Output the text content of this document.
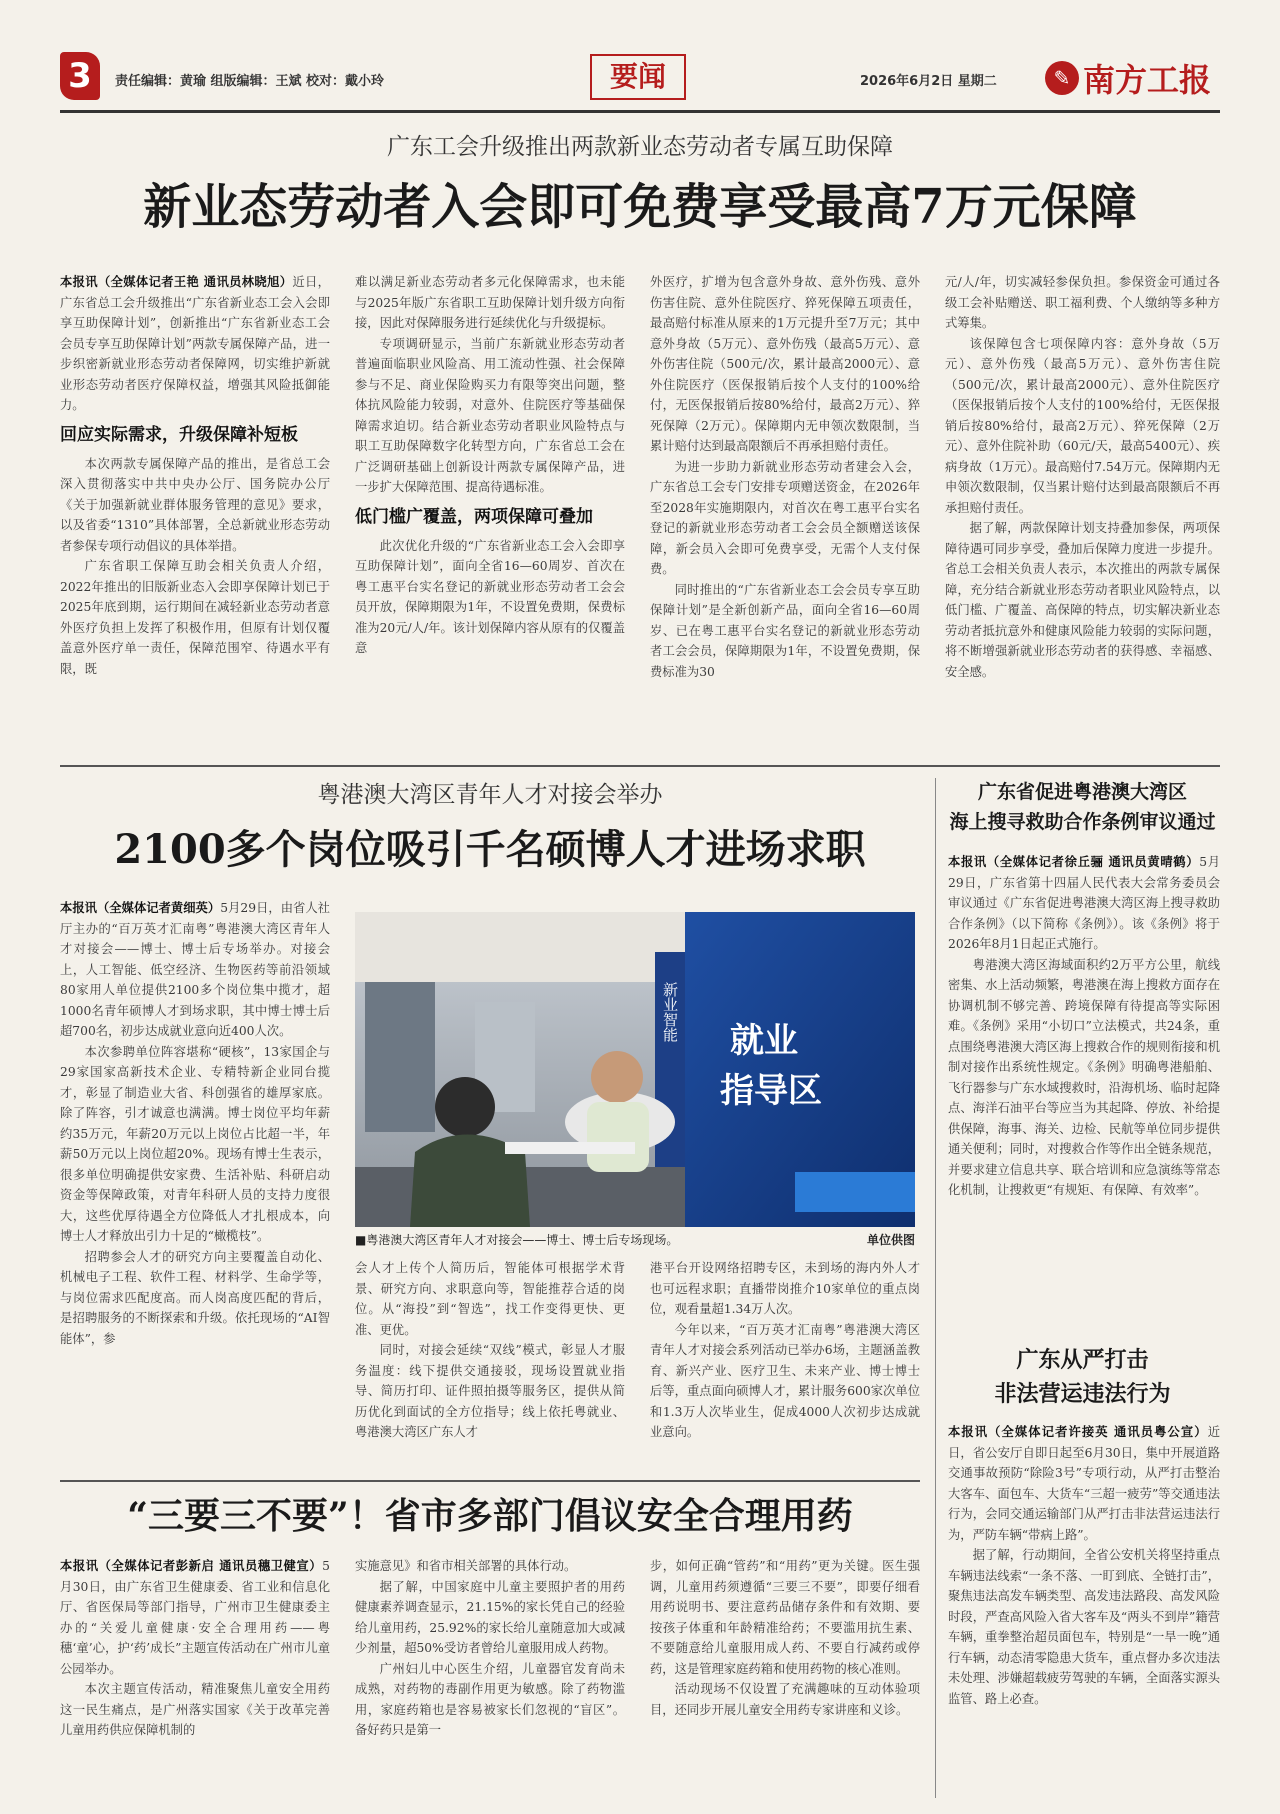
3	责任编辑：黄瑜 组版编辑：王斌 校对：戴小玲	要闻	2026年6月2日 星期二	✎ 南方工报
广东工会升级推出两款新业态劳动者专属互助保障
新业态劳动者入会即可免费享受最高7万元保障

本报讯（全媒体记者王艳 通讯员林晓旭）近日，广东省总工会升级推出“广东省新业态工会入会即享互助保障计划”，创新推出“广东省新业态工会会员专享互助保障计划”两款专属保障产品，进一步织密新就业形态劳动者保障网，切实维护新就业形态劳动者医疗保障权益，增强其风险抵御能力。

回应实际需求，升级保障补短板

本次两款专属保障产品的推出，是省总工会深入贯彻落实中共中央办公厅、国务院办公厅《关于加强新就业群体服务管理的意见》要求，以及省委“1310”具体部署，全总新就业形态劳动者参保专项行动倡议的具体举措。

广东省职工保障互助会相关负责人介绍，2022年推出的旧版新业态入会即享保障计划已于2025年底到期，运行期间在减轻新业态劳动者意外医疗负担上发挥了积极作用，但原有计划仅覆盖意外医疗单一责任，保障范围窄、待遇水平有限，既

难以满足新业态劳动者多元化保障需求，也未能与2025年版广东省职工互助保障计划升级方向衔接，因此对保障服务进行延续优化与升级提标。

专项调研显示，当前广东新就业形态劳动者普遍面临职业风险高、用工流动性强、社会保障参与不足、商业保险购买力有限等突出问题，整体抗风险能力较弱，对意外、住院医疗等基础保障需求迫切。结合新业态劳动者职业风险特点与职工互助保障数字化转型方向，广东省总工会在广泛调研基础上创新设计两款专属保障产品，进一步扩大保障范围、提高待遇标准。

低门槛广覆盖，两项保障可叠加

此次优化升级的“广东省新业态工会入会即享互助保障计划”，面向全省16—60周岁、首次在粤工惠平台实名登记的新就业形态劳动者工会会员开放，保障期限为1年，不设置免费期，保费标准为20元/人/年。该计划保障内容从原有的仅覆盖意

外医疗，扩增为包含意外身故、意外伤残、意外伤害住院、意外住院医疗、猝死保障五项责任，最高赔付标准从原来的1万元提升至7万元；其中意外身故（5万元）、意外伤残（最高5万元）、意外伤害住院（500元/次，累计最高2000元）、意外住院医疗（医保报销后按个人支付的100%给付，无医保报销后按80%给付，最高2万元）、猝死保障（2万元）。保障期内无申领次数限制，当累计赔付达到最高限额后不再承担赔付责任。

为进一步助力新就业形态劳动者建会入会，广东省总工会专门安排专项赠送资金，在2026年至2028年实施期限内，对首次在粤工惠平台实名登记的新就业形态劳动者工会会员全额赠送该保障，新会员入会即可免费享受，无需个人支付保费。

同时推出的“广东省新业态工会会员专享互助保障计划”是全新创新产品，面向全省16—60周岁、已在粤工惠平台实名登记的新就业形态劳动者工会会员，保障期限为1年，不设置免费期，保费标准为30

元/人/年，切实减轻参保负担。参保资金可通过各级工会补贴赠送、职工福利费、个人缴纳等多种方式筹集。

该保障包含七项保障内容：意外身故（5万元）、意外伤残（最高5万元）、意外伤害住院（500元/次，累计最高2000元）、意外住院医疗（医保报销后按个人支付的100%给付，无医保报销后按80%给付，最高2万元）、猝死保障（2万元）、意外住院补助（60元/天，最高5400元）、疾病身故（1万元）。最高赔付7.54万元。保障期内无申领次数限制，仅当累计赔付达到最高限额后不再承担赔付责任。

据了解，两款保障计划支持叠加参保，两项保障待遇可同步享受，叠加后保障力度进一步提升。省总工会相关负责人表示，本次推出的两款专属保障，充分结合新就业形态劳动者职业风险特点，以低门槛、广覆盖、高保障的特点，切实解决新业态劳动者抵抗意外和健康风险能力较弱的实际问题，将不断增强新就业形态劳动者的获得感、幸福感、安全感。

粤港澳大湾区青年人才对接会举办
2100多个岗位吸引千名硕博人才进场求职

本报讯（全媒体记者黄细英）5月29日，由省人社厅主办的“百万英才汇南粤”粤港澳大湾区青年人才对接会——博士、博士后专场举办。对接会上，人工智能、低空经济、生物医药等前沿领域80家用人单位提供2100多个岗位集中揽才，超1000名青年硕博人才到场求职，其中博士博士后超700名，初步达成就业意向近400人次。

本次参聘单位阵容堪称“硬核”，13家国企与29家国家高新技术企业、专精特新企业同台揽才，彰显了制造业大省、科创强省的雄厚家底。除了阵容，引才诚意也满满。博士岗位平均年薪约35万元，年薪20万元以上岗位占比超一半，年薪50万元以上岗位超20%。现场有博士生表示，很多单位明确提供安家费、生活补贴、科研启动资金等保障政策，对青年科研人员的支持力度很大，这些优厚待遇全方位降低人才扎根成本，向博士人才释放出引力十足的“橄榄枝”。

招聘参会人才的研究方向主要覆盖自动化、机械电子工程、软件工程、材料学、生命学等，与岗位需求匹配度高。而人岗高度匹配的背后，是招聘服务的不断探索和升级。依托现场的“AI智能体”，参

新业智能 就业
指导区
■粤港澳大湾区青年人才对接会——博士、博士后专场现场。	单位供图

会人才上传个人简历后，智能体可根据学术背景、研究方向、求职意向等，智能推荐合适的岗位。从“海投”到“智选”，找工作变得更快、更准、更优。

同时，对接会延续“双线”模式，彰显人才服务温度：线下提供交通接驳，现场设置就业指导、简历打印、证件照拍摄等服务区，提供从简历优化到面试的全方位指导；线上依托粤就业、粤港澳大湾区广东人才

港平台开设网络招聘专区，未到场的海内外人才也可远程求职；直播带岗推介10家单位的重点岗位，观看量超1.34万人次。

今年以来，“百万英才汇南粤”粤港澳大湾区青年人才对接会系列活动已举办6场，主题涵盖教育、新兴产业、医疗卫生、未来产业、博士博士后等，重点面向硕博人才，累计服务600家次单位和1.3万人次毕业生，促成4000人次初步达成就业意向。

广东省促进粤港澳大湾区
海上搜寻救助合作条例审议通过

本报讯（全媒体记者徐丘骊 通讯员黄晴鹤）5月29日，广东省第十四届人民代表大会常务委员会审议通过《广东省促进粤港澳大湾区海上搜寻救助合作条例》（以下简称《条例》）。该《条例》将于2026年8月1日起正式施行。

粤港澳大湾区海域面积约2万平方公里，航线密集、水上活动频繁，粤港澳在海上搜救方面存在协调机制不够完善、跨境保障有待提高等实际困难。《条例》采用“小切口”立法模式，共24条，重点围绕粤港澳大湾区海上搜救合作的规则衔接和机制对接作出系统性规定。《条例》明确粤港船舶、飞行器参与广东水域搜救时，沿海机场、临时起降点、海洋石油平台等应当为其起降、停放、补给提供保障，海事、海关、边检、民航等单位同步提供通关便利；同时，对搜救合作等作出全链条规范，并要求建立信息共享、联合培训和应急演练等常态化机制，让搜救更“有规矩、有保障、有效率”。

广东从严打击
非法营运违法行为

本报讯（全媒体记者许接英 通讯员粤公宣）近日，省公安厅自即日起至6月30日，集中开展道路交通事故预防“除险3号”专项行动，从严打击整治大客车、面包车、大货车“三超一疲劳”等交通违法行为，会同交通运输部门从严打击非法营运违法行为，严防车辆“带病上路”。

据了解，行动期间，全省公安机关将坚持重点车辆违法线索“一条不落、一盯到底、全链打击”，聚焦违法高发车辆类型、高发违法路段、高发风险时段，严查高风险入省大客车及“两头不到岸”籍营车辆，重拳整治超员面包车，特别是“一旱一晚”通行车辆，动态清零隐患大货车，重点督办多次违法未处理、涉嫌超载疲劳驾驶的车辆，全面落实源头监管、路上必查。

“三要三不要”！省市多部门倡议安全合理用药

本报讯（全媒体记者彭新启 通讯员穗卫健宣）5月30日，由广东省卫生健康委、省工业和信息化厅、省医保局等部门指导，广州市卫生健康委主办的“关爱儿童健康·安全合理用药——粤穗‘童’心，护‘药’成长”主题宣传活动在广州市儿童公园举办。

本次主题宣传活动，精准聚焦儿童安全用药这一民生痛点，是广州落实国家《关于改革完善儿童用药供应保障机制的

实施意见》和省市相关部署的具体行动。

据了解，中国家庭中儿童主要照护者的用药健康素养调查显示，21.15%的家长凭自己的经验给儿童用药，25.92%的家长给儿童随意加大或减少剂量，超50%受访者曾给儿童服用成人药物。

广州妇儿中心医生介绍，儿童器官发育尚未成熟，对药物的毒副作用更为敏感。除了药物滥用，家庭药箱也是容易被家长们忽视的“盲区”。备好药只是第一

步，如何正确“管药”和“用药”更为关键。医生强调，儿童用药须遵循“三要三不要”，即要仔细看用药说明书、要注意药品储存条件和有效期、要按孩子体重和年龄精准给药；不要滥用抗生素、不要随意给儿童服用成人药、不要自行减药或停药，这是管理家庭药箱和使用药物的核心准则。

活动现场不仅设置了充满趣味的互动体验项目，还同步开展儿童安全用药专家讲座和义诊。
